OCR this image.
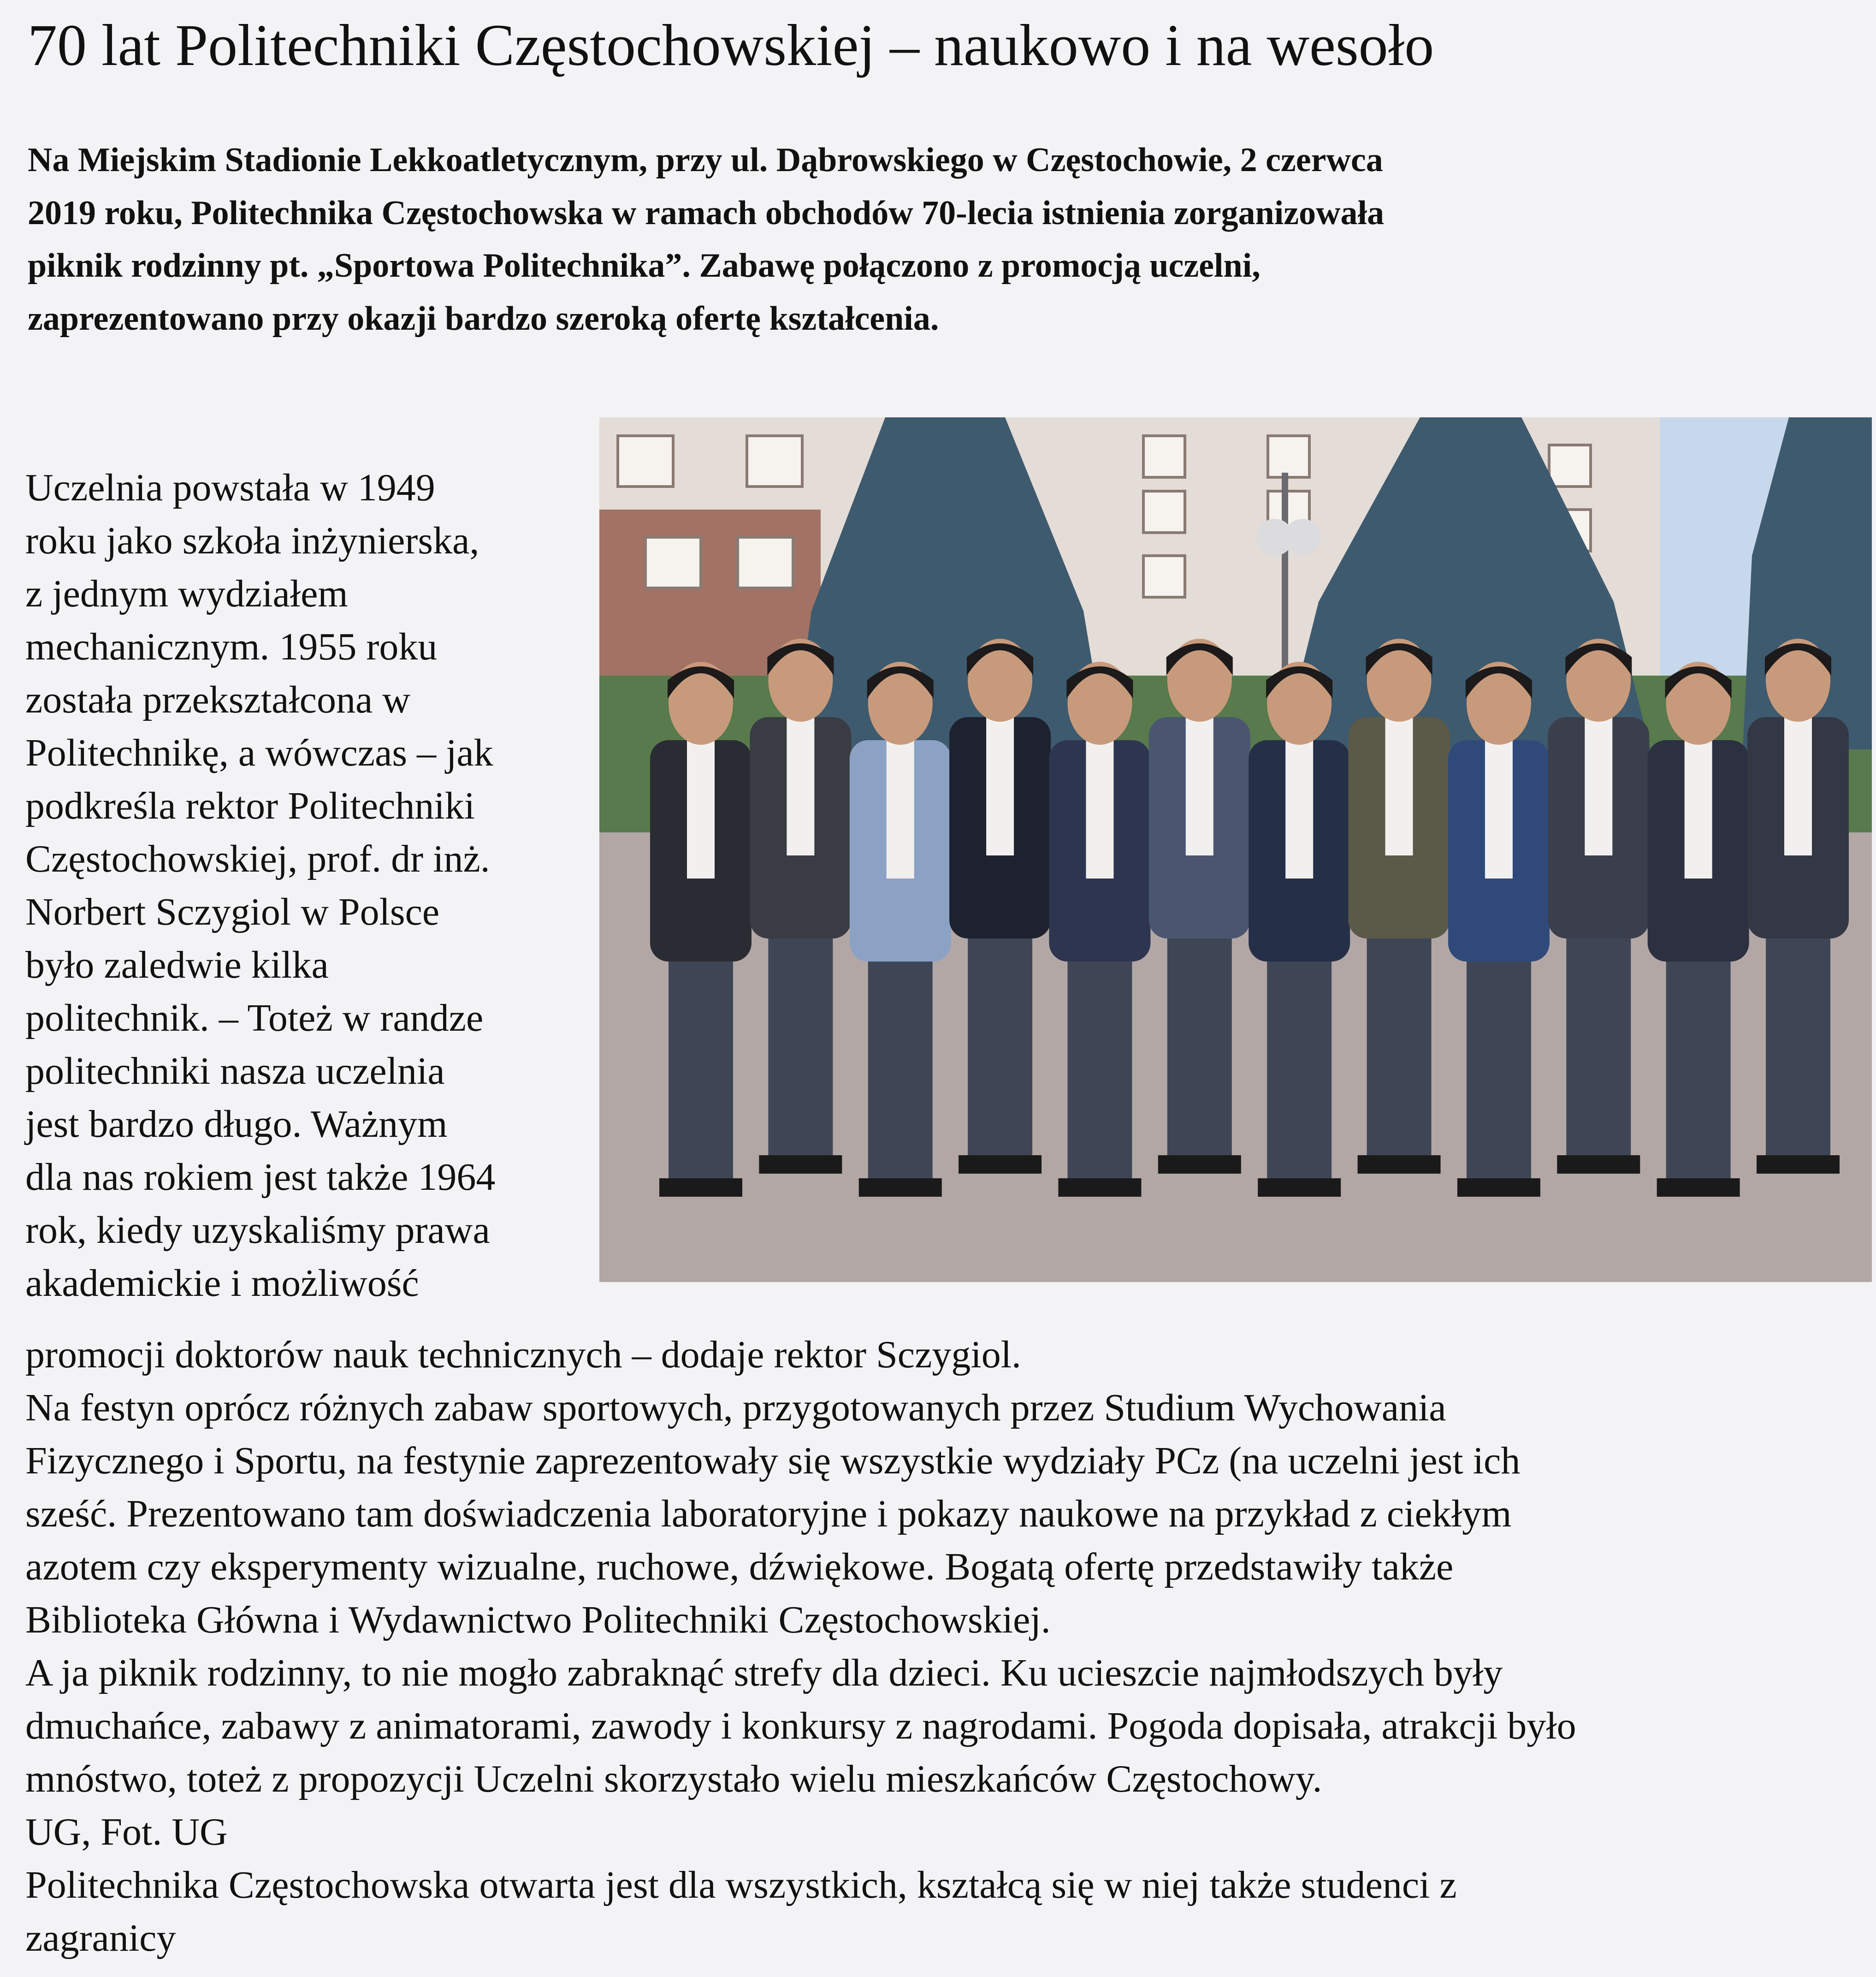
70 lat Politechniki Częstochowskiej – naukowo i na wesoło
Na Miejskim Stadionie Lekkoatletycznym, przy ul. Dąbrowskiego w Częstochowie, 2 czerwca
2019 roku, Politechnika Częstochowska w ramach obchodów 70-lecia istnienia zorganizowała
piknik rodzinny pt. „Sportowa Politechnika”. Zabawę połączono z promocją uczelni,
zaprezentowano przy okazji bardzo szeroką ofertę kształcenia.
Uczelnia powstała w 1949
roku jako szkoła inżynierska,
z jednym wydziałem
mechanicznym. 1955 roku
została przekształcona w
Politechnikę, a wówczas – jak
podkreśla rektor Politechniki
Częstochowskiej, prof. dr inż.
Norbert Sczygiol w Polsce
było zaledwie kilka
politechnik. – Toteż w randze
politechniki nasza uczelnia
jest bardzo długo. Ważnym
dla nas rokiem jest także 1964
rok, kiedy uzyskaliśmy prawa
akademickie i możliwość
promocji doktorów nauk technicznych – dodaje rektor Sczygiol.
Na festyn oprócz różnych zabaw sportowych, przygotowanych przez Studium Wychowania
Fizycznego i Sportu, na festynie zaprezentowały się wszystkie wydziały PCz (na uczelni jest ich
sześć. Prezentowano tam doświadczenia laboratoryjne i pokazy naukowe na przykład z ciekłym
azotem czy eksperymenty wizualne, ruchowe, dźwiękowe. Bogatą ofertę przedstawiły także
Biblioteka Główna i Wydawnictwo Politechniki Częstochowskiej.
A ja piknik rodzinny, to nie mogło zabraknąć strefy dla dzieci. Ku ucieszcie najmłodszych były
dmuchańce, zabawy z animatorami, zawody i konkursy z nagrodami. Pogoda dopisała, atrakcji było
mnóstwo, toteż z propozycji Uczelni skorzystało wielu mieszkańców Częstochowy.
UG, Fot. UG
Politechnika Częstochowska otwarta jest dla wszystkich, kształcą się w niej także studenci z
zagranicy
